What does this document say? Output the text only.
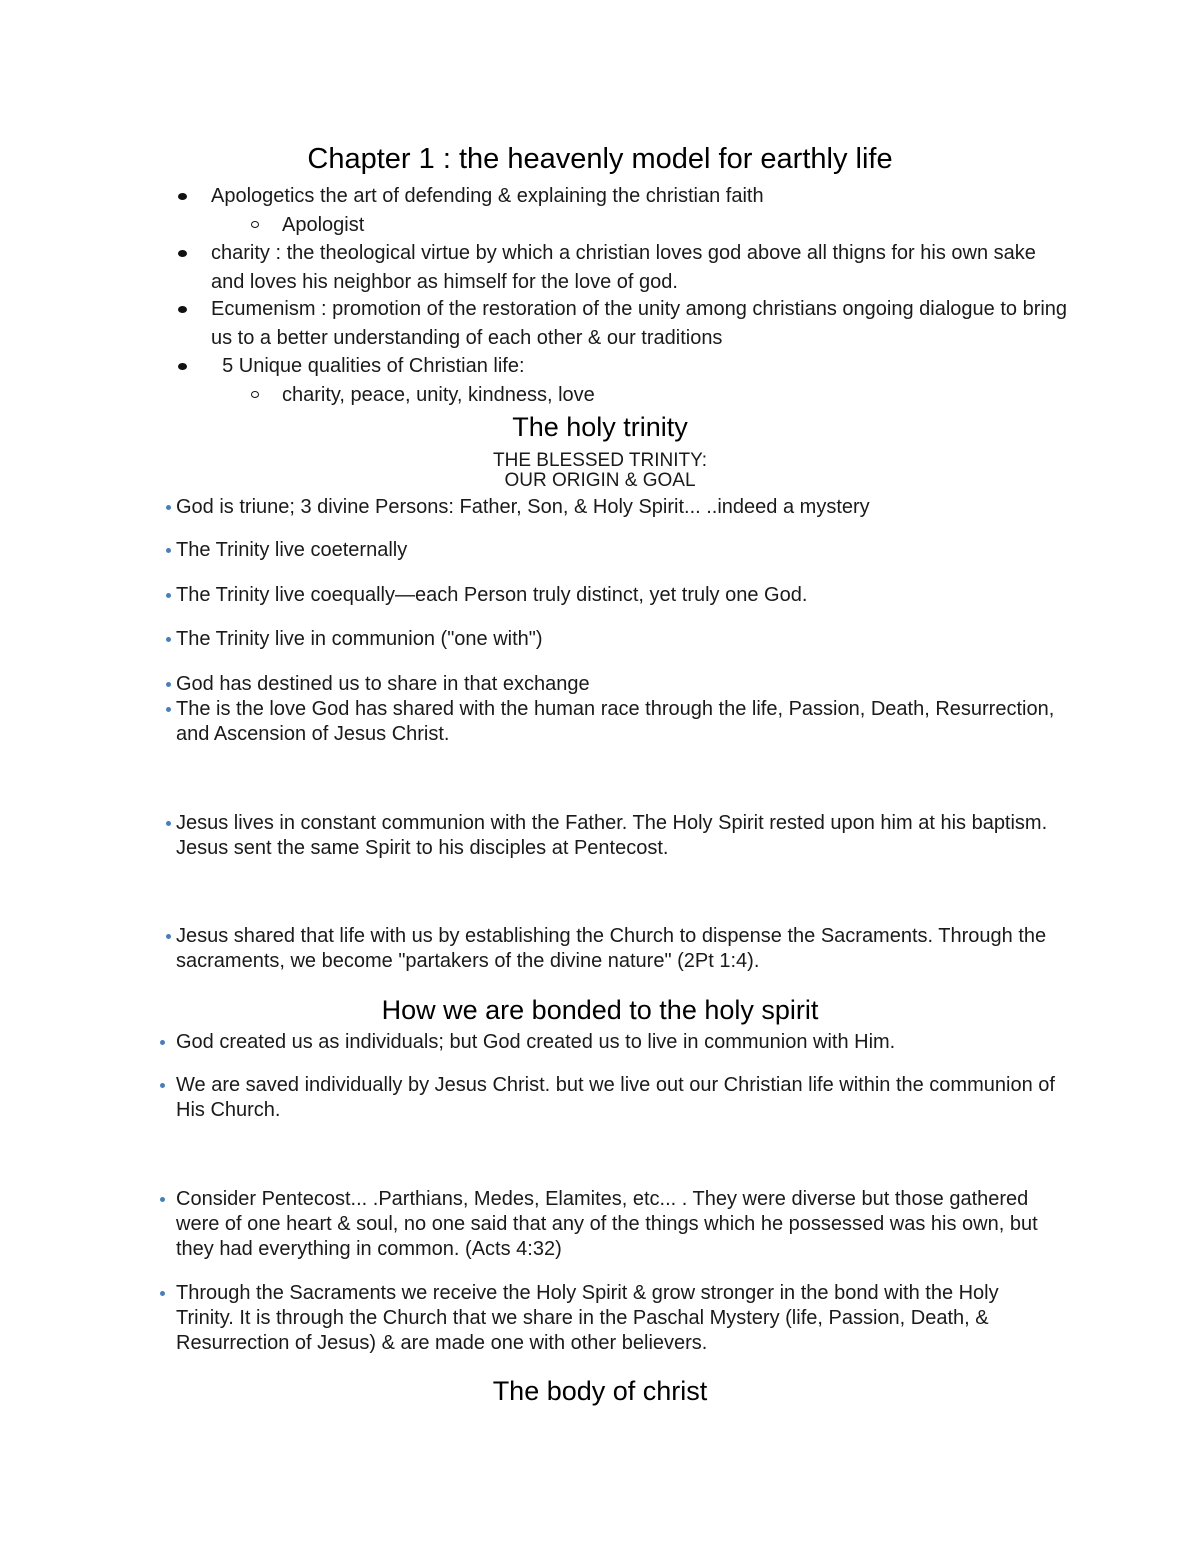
Chapter 1 : the heavenly model for earthly life
Apologetics the art of defending & explaining the christian faith
Apologist
charity : the theological virtue by which a christian loves god above all thigns for his own sake and loves his neighbor as himself for the love of god.
Ecumenism : promotion of the restoration of the unity among christians ongoing dialogue to bring us to a better understanding of each other & our traditions
5 Unique qualities of Christian life:
charity, peace, unity, kindness, love
The holy trinity
THE BLESSED TRINITY:
OUR ORIGIN & GOAL
God is triune; 3 divine Persons: Father, Son, & Holy Spirit... ..indeed a mystery
The Trinity live coeternally
The Trinity live coequally—each Person truly distinct, yet truly one God.
The Trinity live in communion ("one with")
God has destined us to share in that exchange
The is the love God has shared with the human race through the life, Passion, Death, Resurrection, and Ascension of Jesus Christ.
Jesus lives in constant communion with the Father. The Holy Spirit rested upon him at his baptism. Jesus sent the same Spirit to his disciples at Pentecost.
Jesus shared that life with us by establishing the Church to dispense the Sacraments. Through the sacraments, we become "partakers of the divine nature" (2Pt 1:4).
How we are bonded to the holy spirit
God created us as individuals; but God created us to live in communion with Him.
We are saved individually by Jesus Christ. but we live out our Christian life within the communion of His Church.
Consider Pentecost... .Parthians, Medes, Elamites, etc... . They were diverse but those gathered were of one heart & soul, no one said that any of the things which he possessed was his own, but they had everything in common. (Acts 4:32)
Through the Sacraments we receive the Holy Spirit & grow stronger in the bond with the Holy Trinity. It is through the Church that we share in the Paschal Mystery (life, Passion, Death, & Resurrection of Jesus) & are made one with other believers.
The body of christ
